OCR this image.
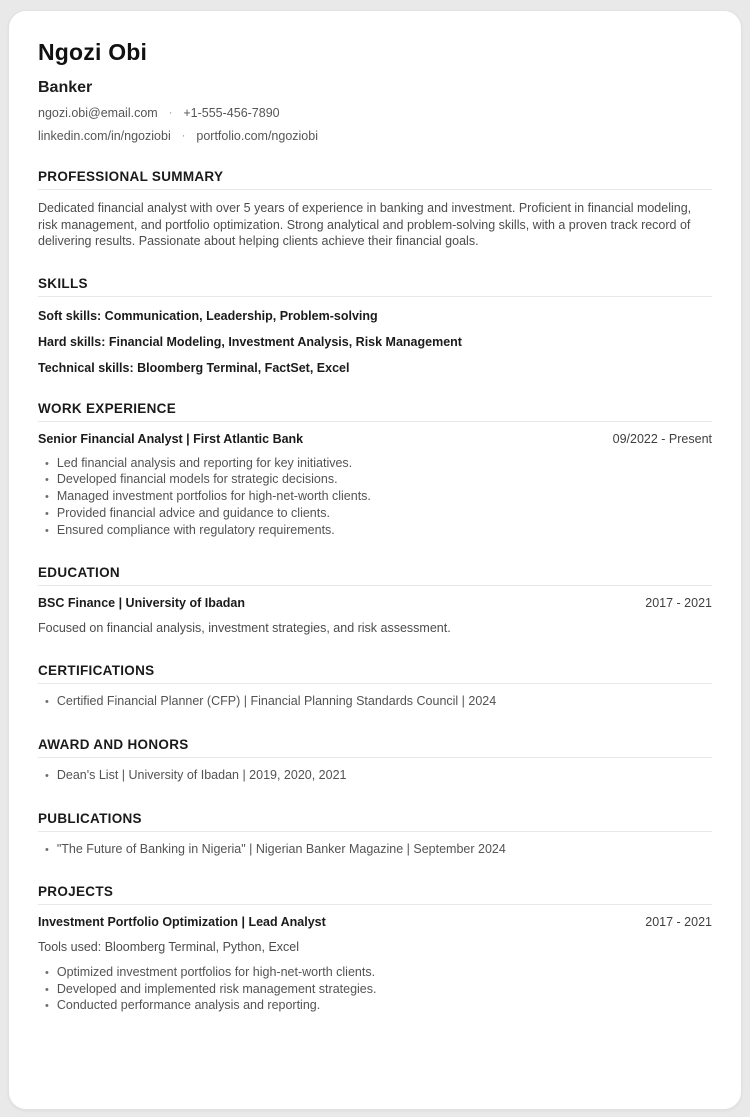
Ngozi Obi
Banker
ngozi.obi@email.com · +1-555-456-7890
linkedin.com/in/ngoziobi · portfolio.com/ngoziobi
PROFESSIONAL SUMMARY

Dedicated financial analyst with over 5 years of experience in banking and investment. Proficient in financial modeling, risk management, and portfolio optimization. Strong analytical and problem-solving skills, with a proven track record of delivering results. Passionate about helping clients achieve their financial goals.

SKILLS
Soft skills: Communication, Leadership, Problem-solving
Hard skills: Financial Modeling, Investment Analysis, Risk Management
Technical skills: Bloomberg Terminal, FactSet, Excel
WORK EXPERIENCE
Senior Financial Analyst | First Atlantic Bank	09/2022 - Present
• Led financial analysis and reporting for key initiatives.
• Developed financial models for strategic decisions.
• Managed investment portfolios for high-net-worth clients.
• Provided financial advice and guidance to clients.
• Ensured compliance with regulatory requirements.
EDUCATION
BSC Finance | University of Ibadan	2017 - 2021

Focused on financial analysis, investment strategies, and risk assessment.

CERTIFICATIONS
• Certified Financial Planner (CFP) | Financial Planning Standards Council | 2024
AWARD AND HONORS
• Dean's List | University of Ibadan | 2019, 2020, 2021
PUBLICATIONS
• "The Future of Banking in Nigeria" | Nigerian Banker Magazine | September 2024
PROJECTS
Investment Portfolio Optimization | Lead Analyst	2017 - 2021

Tools used: Bloomberg Terminal, Python, Excel

• Optimized investment portfolios for high-net-worth clients.
• Developed and implemented risk management strategies.
• Conducted performance analysis and reporting.
